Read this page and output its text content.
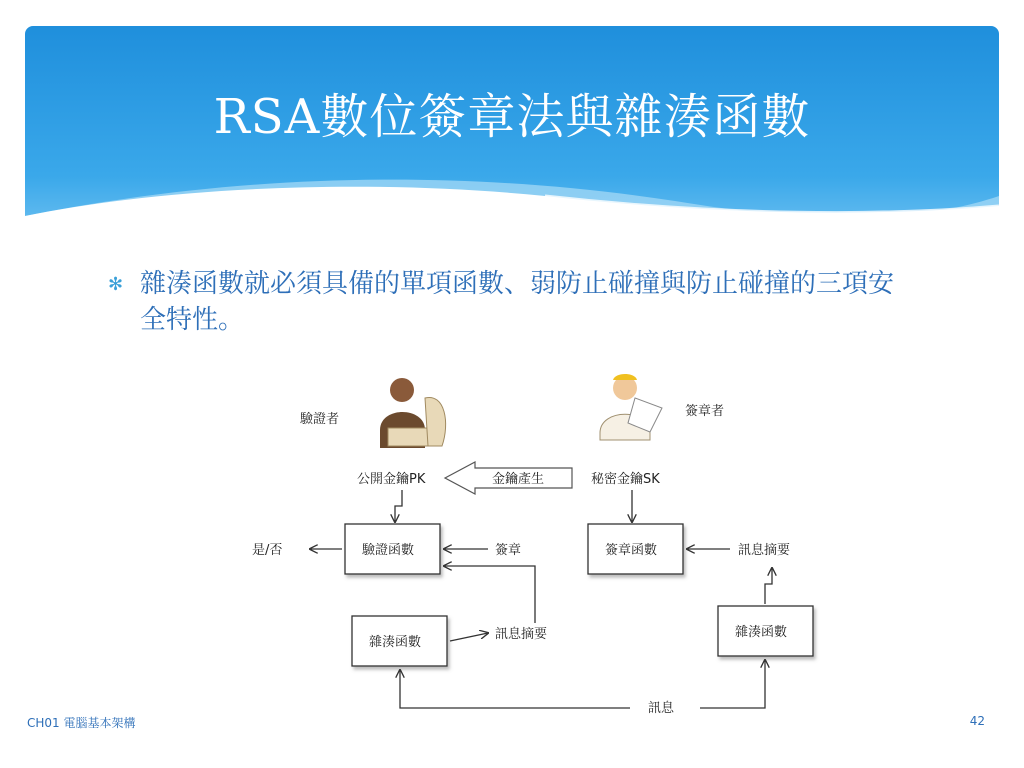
RSA數位簽章法與雜湊函數
✻ 雜湊函數就必須具備的單項函數、弱防止碰撞與防止碰撞的三項安全特性。
驗證者
簽章者
公開金鑰PK	秘密金鑰SK
金鑰產生
驗證函數
是/否	簽章	簽章函數	訊息摘要
雜湊函數
訊息摘要	雜湊函數
訊息
CH01 電腦基本架構	42
